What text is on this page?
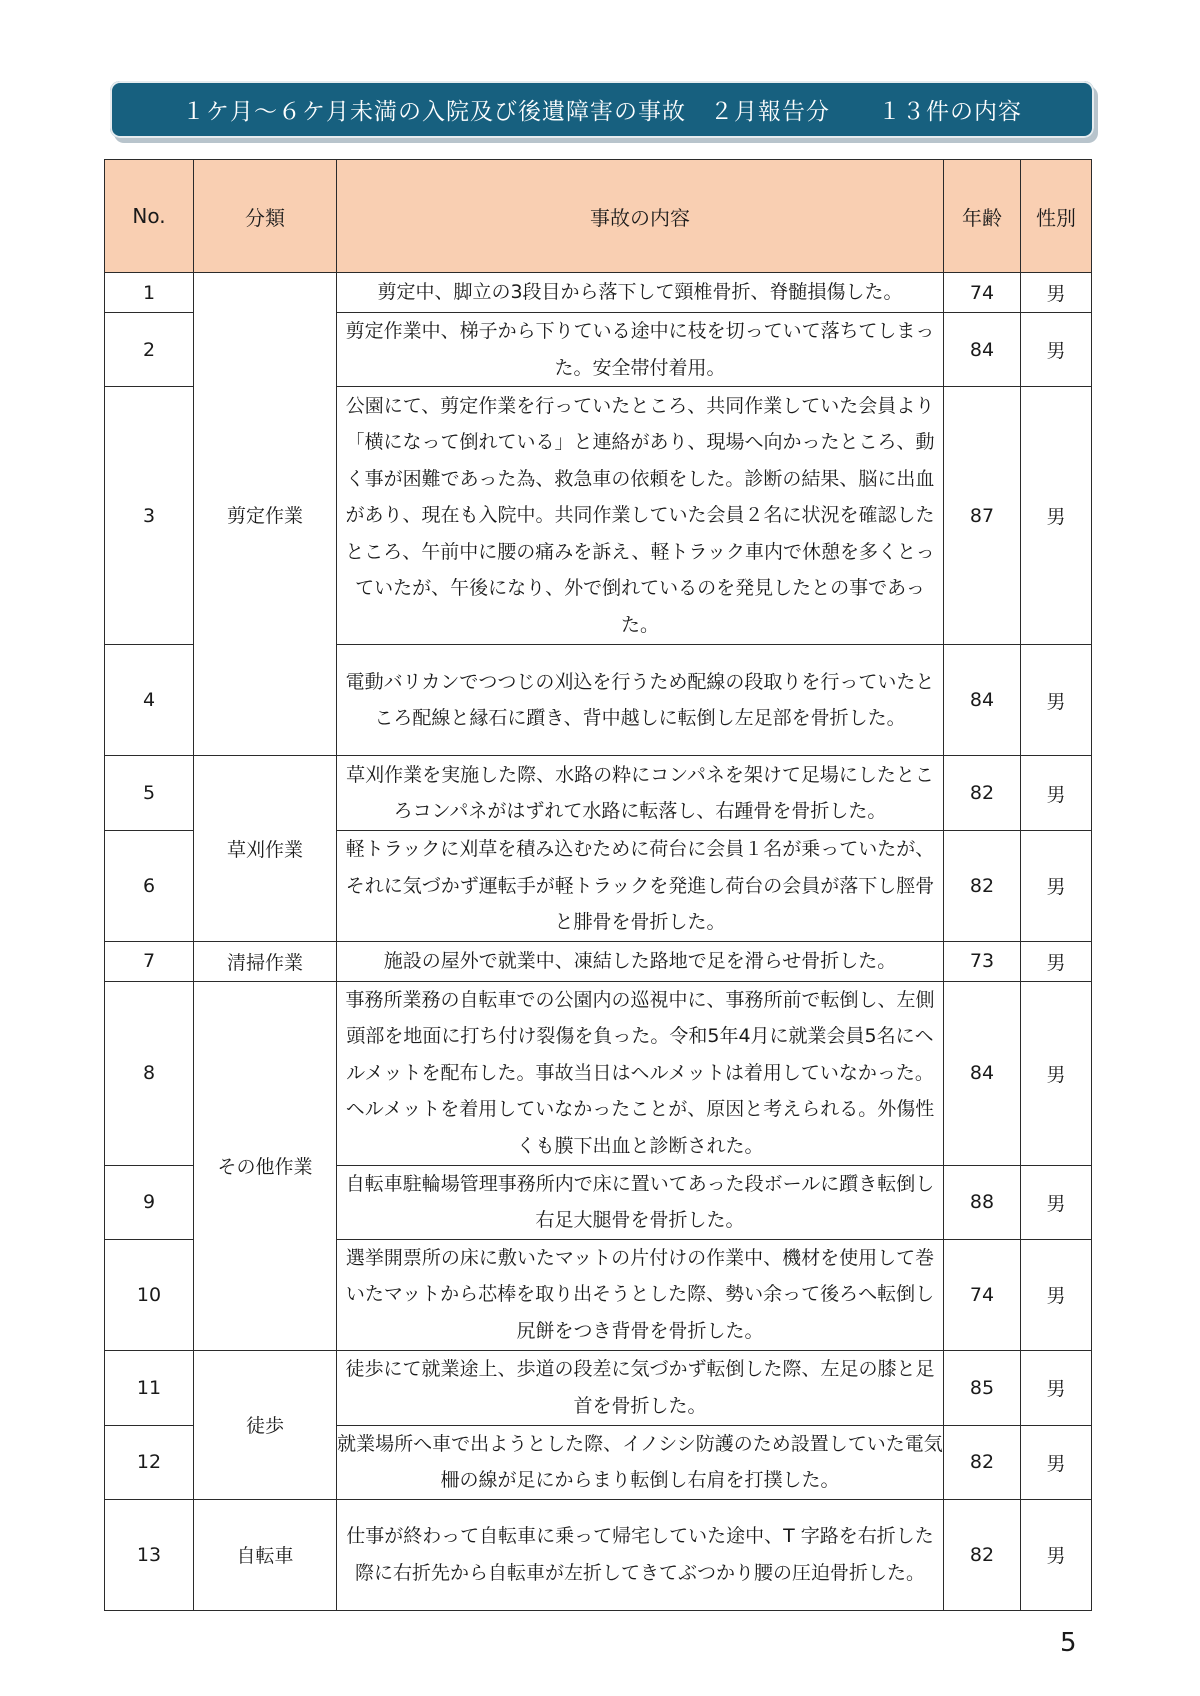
１ケ月～６ケ月未満の入院及び後遺障害の事故　２月報告分　　１３件の内容
No.	分類	事故の内容	年齢	性別
1	剪定作業	剪定中、脚立の3段目から落下して頸椎骨折、脊髄損傷した。	74	男
2		剪定作業中、梯子から下りている途中に枝を切っていて落ちてしまった。安全帯付着用。	84	男
3		公園にて、剪定作業を行っていたところ、共同作業していた会員より「横になって倒れている」と連絡があり、現場へ向かったところ、動く事が困難であった為、救急車の依頼をした。診断の結果、脳に出血があり、現在も入院中。共同作業していた会員２名に状況を確認したところ、午前中に腰の痛みを訴え、軽トラック車内で休憩を多くとっていたが、午後になり、外で倒れているのを発見したとの事であった。	87	男
4		電動バリカンでつつじの刈込を行うため配線の段取りを行っていたところ配線と縁石に躓き、背中越しに転倒し左足部を骨折した。	84	男
5	草刈作業	草刈作業を実施した際、水路の粋にコンパネを架けて足場にしたところコンパネがはずれて水路に転落し、右踵骨を骨折した。	82	男
6		軽トラックに刈草を積み込むために荷台に会員１名が乗っていたが、それに気づかず運転手が軽トラックを発進し荷台の会員が落下し脛骨と腓骨を骨折した。	82	男
7	清掃作業	施設の屋外で就業中、凍結した路地で足を滑らせ骨折した。	73	男
8	その他作業	事務所業務の自転車での公園内の巡視中に、事務所前で転倒し、左側頭部を地面に打ち付け裂傷を負った。令和5年4月に就業会員5名にヘルメットを配布した。事故当日はヘルメットは着用していなかった。ヘルメットを着用していなかったことが、原因と考えられる。外傷性くも膜下出血と診断された。	84	男
9		自転車駐輪場管理事務所内で床に置いてあった段ボールに躓き転倒し右足大腿骨を骨折した。	88	男
10		選挙開票所の床に敷いたマットの片付けの作業中、機材を使用して巻いたマットから芯棒を取り出そうとした際、勢い余って後ろへ転倒し尻餅をつき背骨を骨折した。	74	男
11	徒歩	徒歩にて就業途上、歩道の段差に気づかず転倒した際、左足の膝と足首を骨折した。	85	男
12		就業場所へ車で出ようとした際、イノシシ防護のため設置していた電気柵の線が足にからまり転倒し右肩を打撲した。	82	男
13	自転車	仕事が終わって自転車に乗って帰宅していた途中、T 字路を右折した際に右折先から自転車が左折してきてぶつかり腰の圧迫骨折した。	82	男
5
